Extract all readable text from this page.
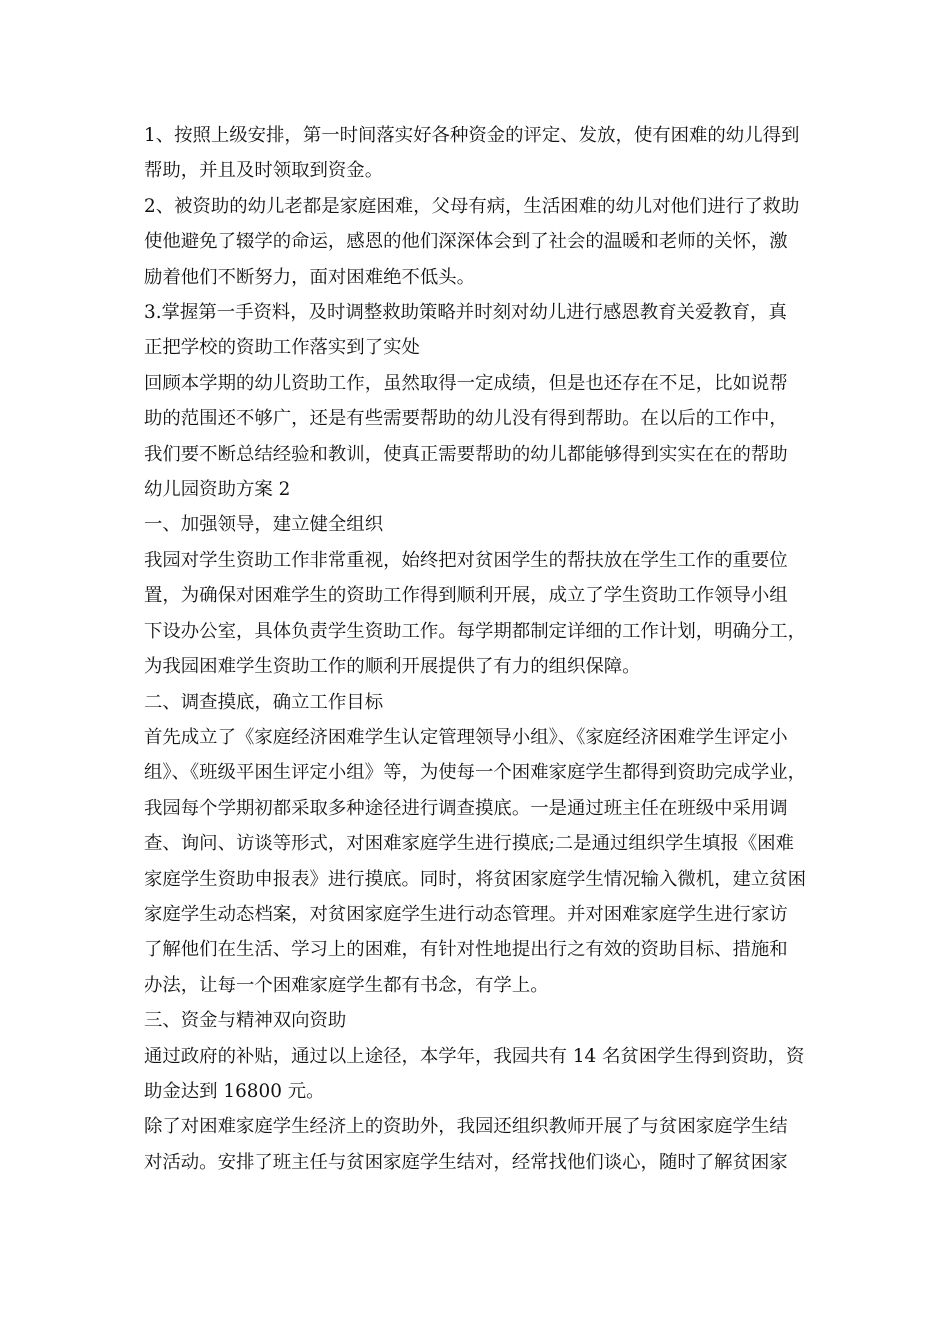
1、按照上级安排，第一时间落实好各种资金的评定、发放，使有困难的幼儿得到
帮助，并且及时领取到资金。
2、被资助的幼儿老都是家庭困难，父母有病，生活困难的幼儿对他们进行了救助
使他避免了辍学的命运，感恩的他们深深体会到了社会的温暖和老师的关怀，激
励着他们不断努力，面对困难绝不低头。
3.掌握第一手资料，及时调整救助策略并时刻对幼儿进行感恩教育关爱教育，真
正把学校的资助工作落实到了实处
回顾本学期的幼儿资助工作，虽然取得一定成绩，但是也还存在不足，比如说帮
助的范围还不够广，还是有些需要帮助的幼儿没有得到帮助。在以后的工作中，
我们要不断总结经验和教训，使真正需要帮助的幼儿都能够得到实实在在的帮助
幼儿园资助方案 2
一、加强领导，建立健全组织
我园对学生资助工作非常重视，始终把对贫困学生的帮扶放在学生工作的重要位
置，为确保对困难学生的资助工作得到顺利开展，成立了学生资助工作领导小组
下设办公室，具体负责学生资助工作。每学期都制定详细的工作计划，明确分工，
为我园困难学生资助工作的顺利开展提供了有力的组织保障。
二、调查摸底，确立工作目标
首先成立了《家庭经济困难学生认定管理领导小组》、《家庭经济困难学生评定小
组》、《班级平困生评定小组》等，为使每一个困难家庭学生都得到资助完成学业，
我园每个学期初都采取多种途径进行调查摸底。一是通过班主任在班级中采用调
查、询问、访谈等形式，对困难家庭学生进行摸底;二是通过组织学生填报《困难
家庭学生资助申报表》进行摸底。同时，将贫困家庭学生情况输入微机，建立贫困
家庭学生动态档案，对贫困家庭学生进行动态管理。并对困难家庭学生进行家访
了解他们在生活、学习上的困难，有针对性地提出行之有效的资助目标、措施和
办法，让每一个困难家庭学生都有书念，有学上。
三、资金与精神双向资助
通过政府的补贴，通过以上途径，本学年，我园共有 14 名贫困学生得到资助，资
助金达到 16800 元。
除了对困难家庭学生经济上的资助外，我园还组织教师开展了与贫困家庭学生结
对活动。安排了班主任与贫困家庭学生结对，经常找他们谈心，随时了解贫困家
